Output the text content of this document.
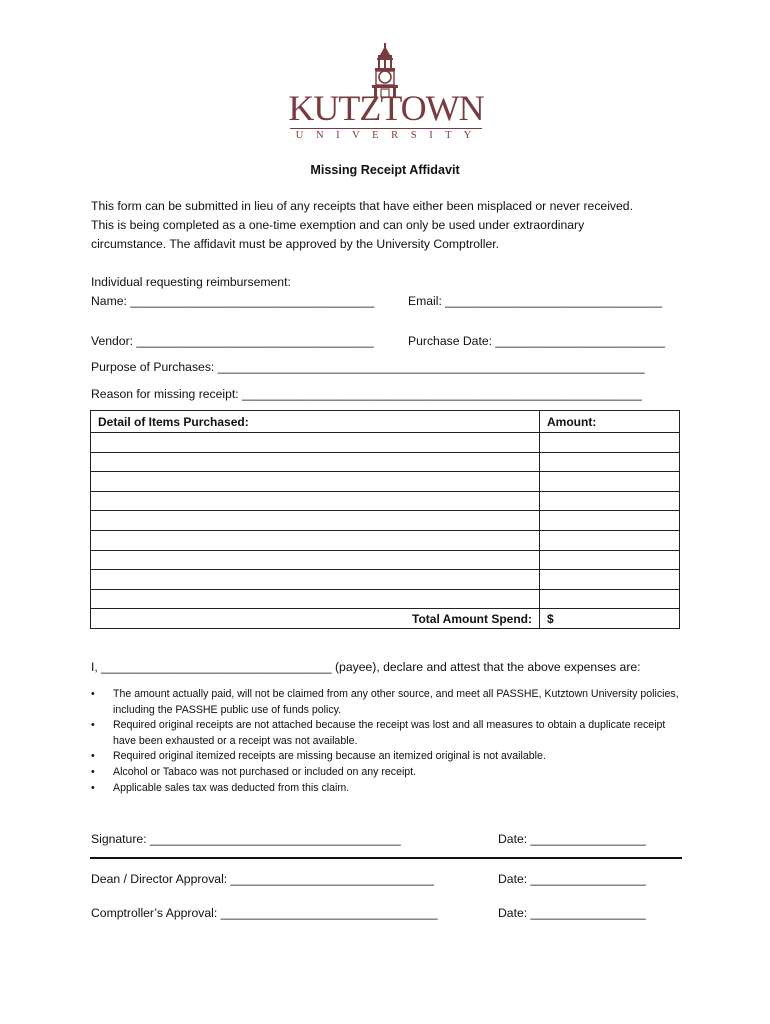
KUTZTOWN
U N I V E R S I T Y
Missing Receipt Affidavit
This form can be submitted in lieu of any receipts that have either been misplaced or never received.
This is being completed as a one-time exemption and can only be used under extraordinary
circumstance. The affidavit must be approved by the University Comptroller.
Individual requesting reimbursement:
Name: ____________________________________	Email: ________________________________
Vendor: ___________________________________	Purchase Date: _________________________
Purpose of Purchases: _______________________________________________________________
Reason for missing receipt: ___________________________________________________________
Detail of Items Purchased:	Amount:

Total Amount Spend:	$
I, __________________________________ (payee), declare and attest that the above expenses are:
• The amount actually paid, will not be claimed from any other source, and meet all PASSHE, Kutztown University policies, including the PASSHE public use of funds policy.
• Required original receipts are not attached because the receipt was lost and all measures to obtain a duplicate receipt have been exhausted or a receipt was not available.
• Required original itemized receipts are missing because an itemized original is not available.
• Alcohol or Tabaco was not purchased or included on any receipt.
• Applicable sales tax was deducted from this claim.
Signature: _____________________________________	Date: _________________
Dean / Director Approval: ______________________________	Date: _________________
Comptroller’s Approval: ________________________________	Date: _________________
